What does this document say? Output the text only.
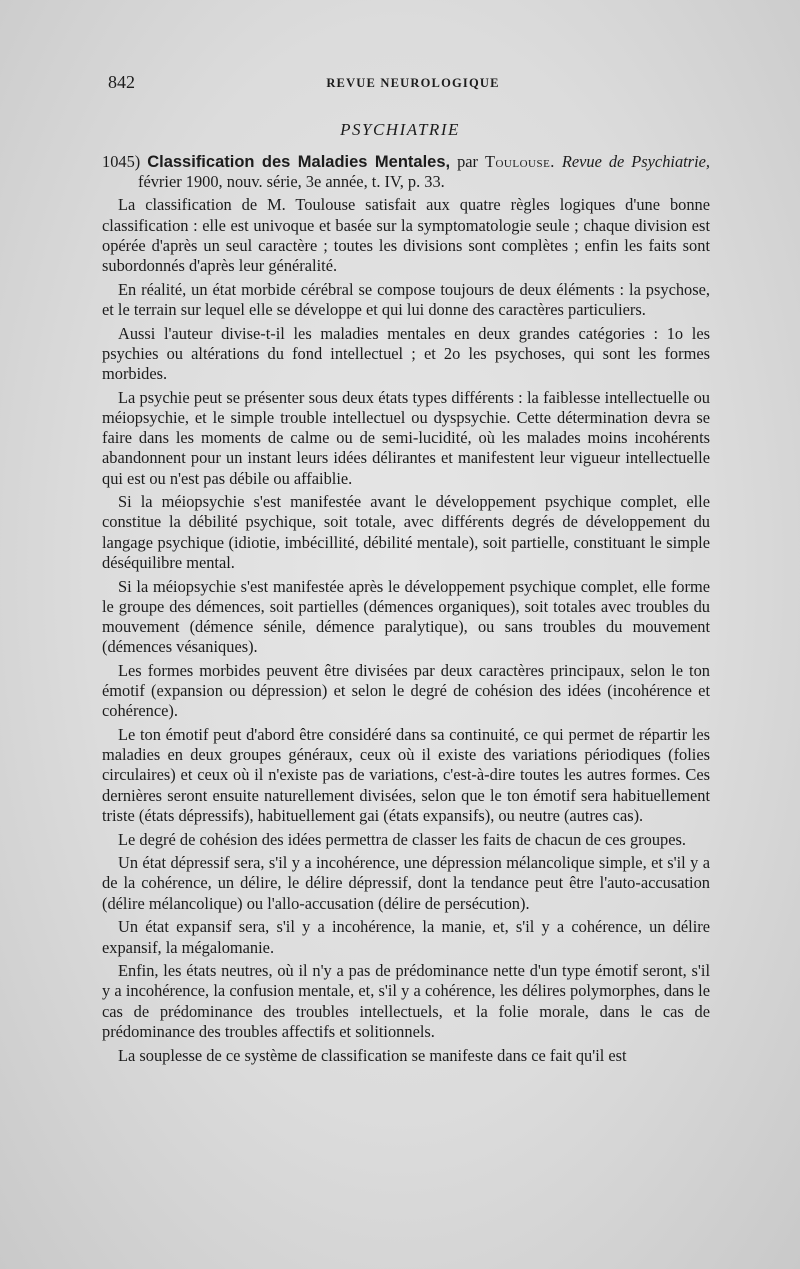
842	REVUE NEUROLOGIQUE
PSYCHIATRIE

1045) Classification des Maladies Mentales, par Toulouse. Revue de Psychiatrie, février 1900, nouv. série, 3e année, t. IV, p. 33.

La classification de M. Toulouse satisfait aux quatre règles logiques d'une bonne classification : elle est univoque et basée sur la symptomatologie seule ; chaque division est opérée d'après un seul caractère ; toutes les divisions sont complètes ; enfin les faits sont subordonnés d'après leur généralité.

En réalité, un état morbide cérébral se compose toujours de deux éléments : la psychose, et le terrain sur lequel elle se développe et qui lui donne des caractères particuliers.

Aussi l'auteur divise-t-il les maladies mentales en deux grandes catégories : 1o les psychies ou altérations du fond intellectuel ; et 2o les psychoses, qui sont les formes morbides.

La psychie peut se présenter sous deux états types différents : la faiblesse intellectuelle ou méiopsychie, et le simple trouble intellectuel ou dyspsychie. Cette détermination devra se faire dans les moments de calme ou de semi-lucidité, où les malades moins incohérents abandonnent pour un instant leurs idées délirantes et manifestent leur vigueur intellectuelle qui est ou n'est pas débile ou affaiblie.

Si la méiopsychie s'est manifestée avant le développement psychique complet, elle constitue la débilité psychique, soit totale, avec différents degrés de développement du langage psychique (idiotie, imbécillité, débilité mentale), soit partielle, constituant le simple déséquilibre mental.

Si la méiopsychie s'est manifestée après le développement psychique complet, elle forme le groupe des démences, soit partielles (démences organiques), soit totales avec troubles du mouvement (démence sénile, démence paralytique), ou sans troubles du mouvement (démences vésaniques).

Les formes morbides peuvent être divisées par deux caractères principaux, selon le ton émotif (expansion ou dépression) et selon le degré de cohésion des idées (incohérence et cohérence).

Le ton émotif peut d'abord être considéré dans sa continuité, ce qui permet de répartir les maladies en deux groupes généraux, ceux où il existe des variations périodiques (folies circulaires) et ceux où il n'existe pas de variations, c'est-à-dire toutes les autres formes. Ces dernières seront ensuite naturellement divisées, selon que le ton émotif sera habituellement triste (états dépressifs), habituellement gai (états expansifs), ou neutre (autres cas).

Le degré de cohésion des idées permettra de classer les faits de chacun de ces groupes.

Un état dépressif sera, s'il y a incohérence, une dépression mélancolique simple, et s'il y a de la cohérence, un délire, le délire dépressif, dont la tendance peut être l'auto-accusation (délire mélancolique) ou l'allo-accusation (délire de persécution).

Un état expansif sera, s'il y a incohérence, la manie, et, s'il y a cohérence, un délire expansif, la mégalomanie.

Enfin, les états neutres, où il n'y a pas de prédominance nette d'un type émotif seront, s'il y a incohérence, la confusion mentale, et, s'il y a cohérence, les délires polymorphes, dans le cas de prédominance des troubles intellectuels, et la folie morale, dans le cas de prédominance des troubles affectifs et solitionnels.

La souplesse de ce système de classification se manifeste dans ce fait qu'il est
